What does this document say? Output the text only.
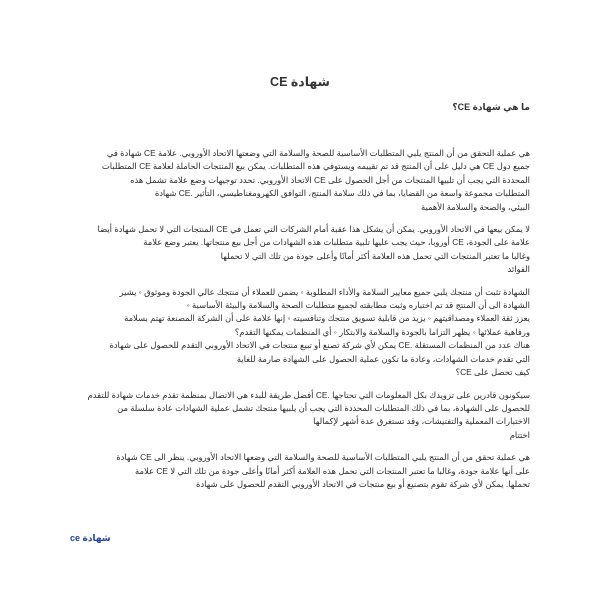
شهادة CE
ما هي شهادة CE؟

هي عملية التحقق من أن المنتج يلبي المتطلبات الأساسية للصحة والسلامة التي وضعتها الاتحاد الأوروبي. علامة CE شهادة في
جميع دول CE هي دليل على أن المنتج قد تم تقييمه ويستوفي هذه المتطلبات. يمكن بيع المنتجات الحاملة لعلامة CE المتطلبات
المحددة التي يجب أن تلبيها المنتجات من أجل الحصول على CE الاتحاد الأوروبي. تحدد توجيهات وضع علامة تشمل هذه
المتطلبات مجموعة واسعة من القضايا، بما في ذلك سلامة المنتج، التوافق الكهرومغناطيسي، التأثير .CE شهادة
البيئي، والصحة والسلامة الأهمية

لا يمكن بيعها في الاتحاد الأوروبي. يمكن أن يشكل هذا عقبة أمام الشركات التي تعمل في CE المنتجات التي لا تحمل شهادة أيضا
علامة على الجودة، CE أوروبا، حيث يجب عليها تلبية متطلبات هذه الشهادات من أجل بيع منتجاتها. يعتبر وضع علامة
وغالبا ما تعتبر المنتجات التي تحمل هذه العلامة أكثر أمانًا وأعلى جودة من تلك التي لا تحملها
الفوائد

الشهادة تثبت أن منتجك يلبي جميع معايير السلامة والأداء المطلوبة ◦ يضمن للعملاء أن منتجك عالي الجودة وموثوق ◦ يشير
الشهادة الى أن المنتج قد تم اختباره وثبت مطابقته لجميع متطلبات الصحة والسلامة والبيئة الأساسية ◦
يعزز ثقة العملاء ومصداقيتهم ◦ يزيد من قابلية تسويق منتجك وتنافسيته ◦ إنها علامة على أن الشركة المصنعة تهتم بسلامة
ورفاهية عملائها ◦ يظهر التزاما بالجودة والسلامة والابتكار ◦ أي المنظمات يمكنها التقدم؟
هناك عدد من المنظمات المستقلة .CE يمكن لأي شركة تصنع أو تبيع منتجات في الاتحاد الأوروبي التقدم للحصول على شهادة
التي تقدم خدمات الشهادات، وعادة ما تكون عملية الحصول على الشهادة صارمة للغاية
كيف تحصل على CE؟

سيكونون قادرين على تزويدك بكل المعلومات التي تحتاجها .CE أفضل طريقة للبدء هي الاتصال بمنظمة تقدم خدمات شهادة للتقدم
للحصول على الشهادة، بما في ذلك المتطلبات المحددة التي يجب أن يلبيها منتجك تشمل عملية الشهادات عادة سلسلة من
الاختبارات المعملية والتفتيشات، وقد تستغرق عدة أشهر لإكمالها
اختتام

هي عملية تحقق من أن المنتج يلبي المتطلبات الأساسية للصحة والسلامة التي وضعها الاتحاد الأوروبي. ينظر الى CE شهادة
على أنها علامة جودة، وغالبا ما تعتبر المنتجات التي تحمل هذه العلامة أكثر أمانًا وأعلى جودة من تلك التي لا CE علامة
تحملها. يمكن لأي شركة تقوم بتصنيع أو بيع منتجات في الاتحاد الأوروبي التقدم للحصول على شهادة

شهادة ce
